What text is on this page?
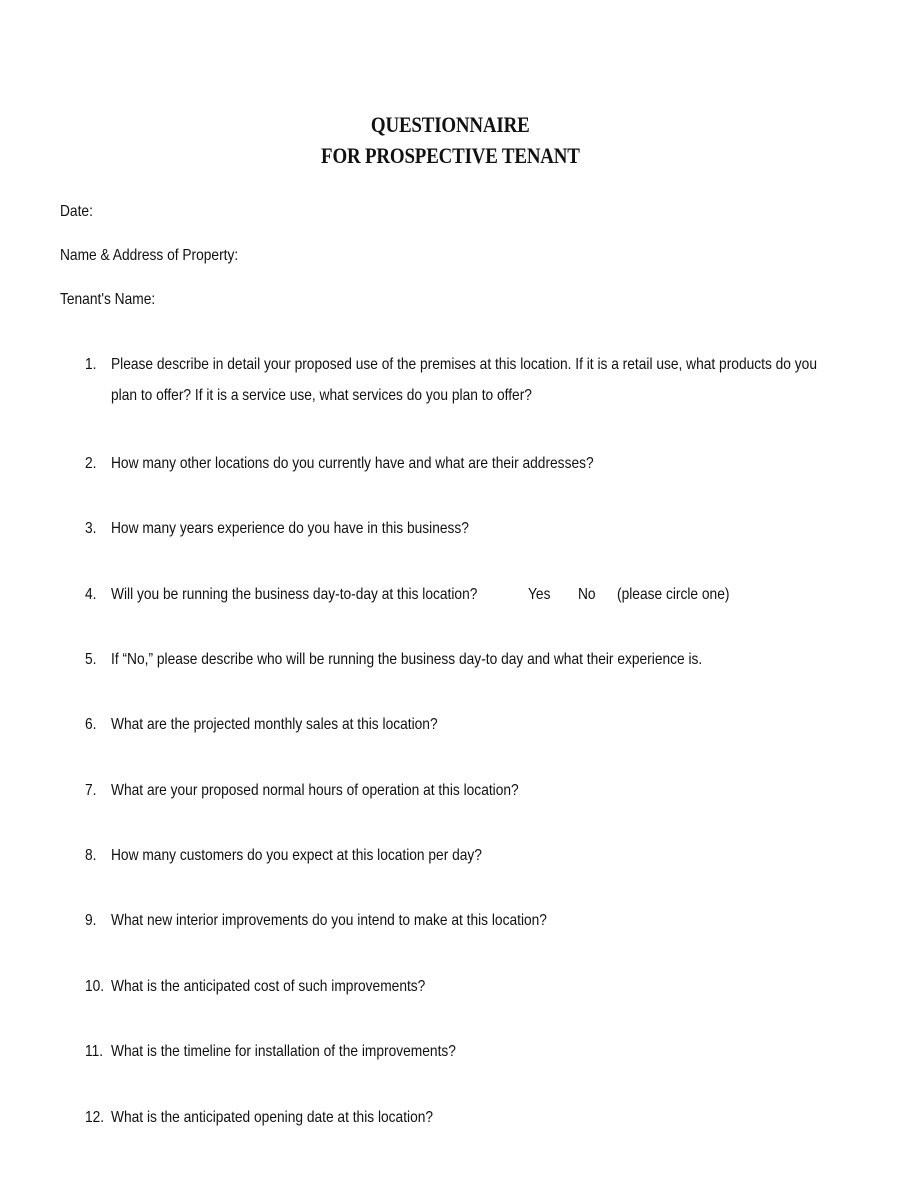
QUESTIONNAIRE
FOR PROSPECTIVE TENANT
Date:
Name & Address of Property:
Tenant's Name:
1. Please describe in detail your proposed use of the premises at this location. If it is a retail use, what products do you
plan to offer? If it is a service use, what services do you plan to offer?
2. How many other locations do you currently have and what are their addresses?
3. How many years experience do you have in this business?
4. Will you be running the business day-to-day at this location?	Yes No (please circle one)
5. If “No,” please describe who will be running the business day-to day and what their experience is.
6. What are the projected monthly sales at this location?
7. What are your proposed normal hours of operation at this location?
8. How many customers do you expect at this location per day?
9. What new interior improvements do you intend to make at this location?
10. What is the anticipated cost of such improvements?
11. What is the timeline for installation of the improvements?
12. What is the anticipated opening date at this location?
